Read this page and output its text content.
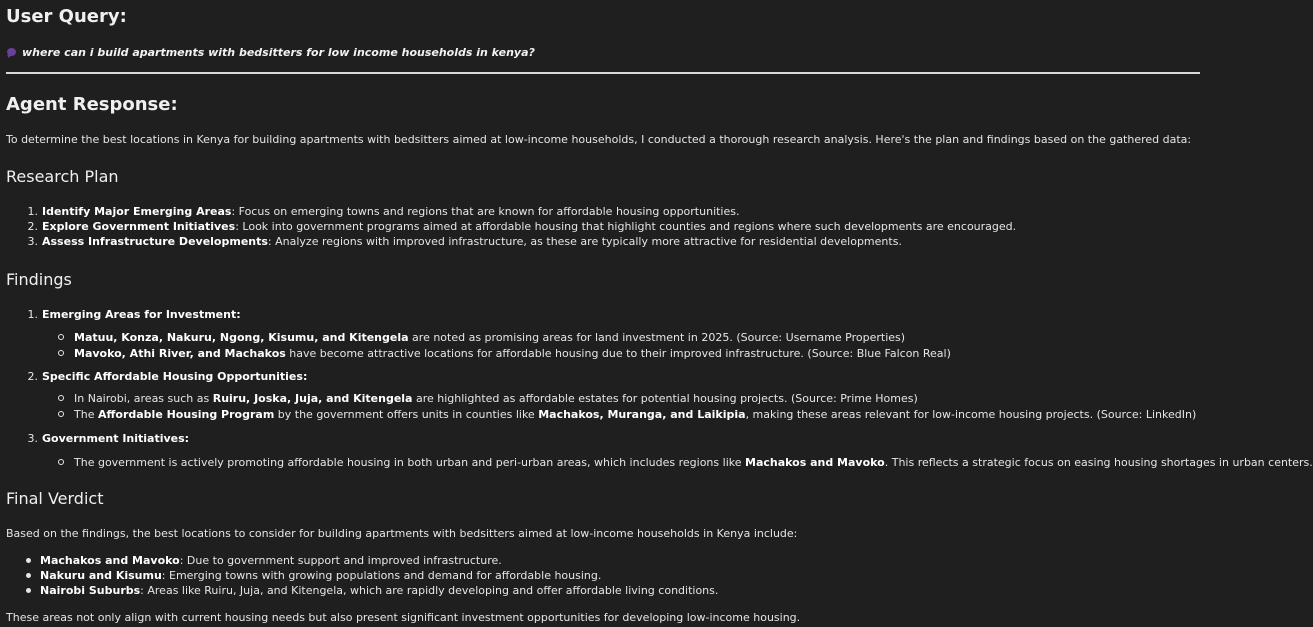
User Query:
where can i build apartments with bedsitters for low income households in kenya?
Agent Response:

To determine the best locations in Kenya for building apartments with bedsitters aimed at low-income households, I conducted a thorough research analysis. Here's the plan and findings based on the gathered data:

Research Plan
1. Identify Major Emerging Areas: Focus on emerging towns and regions that are known for affordable housing opportunities.
2. Explore Government Initiatives: Look into government programs aimed at affordable housing that highlight counties and regions where such developments are encouraged.
3. Assess Infrastructure Developments: Analyze regions with improved infrastructure, as these are typically more attractive for residential developments.
Findings
1. Emerging Areas for Investment:
Matuu, Konza, Nakuru, Ngong, Kisumu, and Kitengela are noted as promising areas for land investment in 2025. (Source: Username Properties)
Mavoko, Athi River, and Machakos have become attractive locations for affordable housing due to their improved infrastructure. (Source: Blue Falcon Real)
2. Specific Affordable Housing Opportunities:
In Nairobi, areas such as Ruiru, Joska, Juja, and Kitengela are highlighted as affordable estates for potential housing projects. (Source: Prime Homes)
The Affordable Housing Program by the government offers units in counties like Machakos, Muranga, and Laikipia, making these areas relevant for low-income housing projects. (Source: LinkedIn)
3. Government Initiatives:
The government is actively promoting affordable housing in both urban and peri-urban areas, which includes regions like Machakos and Mavoko. This reflects a strategic focus on easing housing shortages in urban centers.
Final Verdict
Based on the findings, the best locations to consider for building apartments with bedsitters aimed at low-income households in Kenya include:
Machakos and Mavoko: Due to government support and improved infrastructure.
Nakuru and Kisumu: Emerging towns with growing populations and demand for affordable housing.
Nairobi Suburbs: Areas like Ruiru, Juja, and Kitengela, which are rapidly developing and offer affordable living conditions.
These areas not only align with current housing needs but also present significant investment opportunities for developing low-income housing.
